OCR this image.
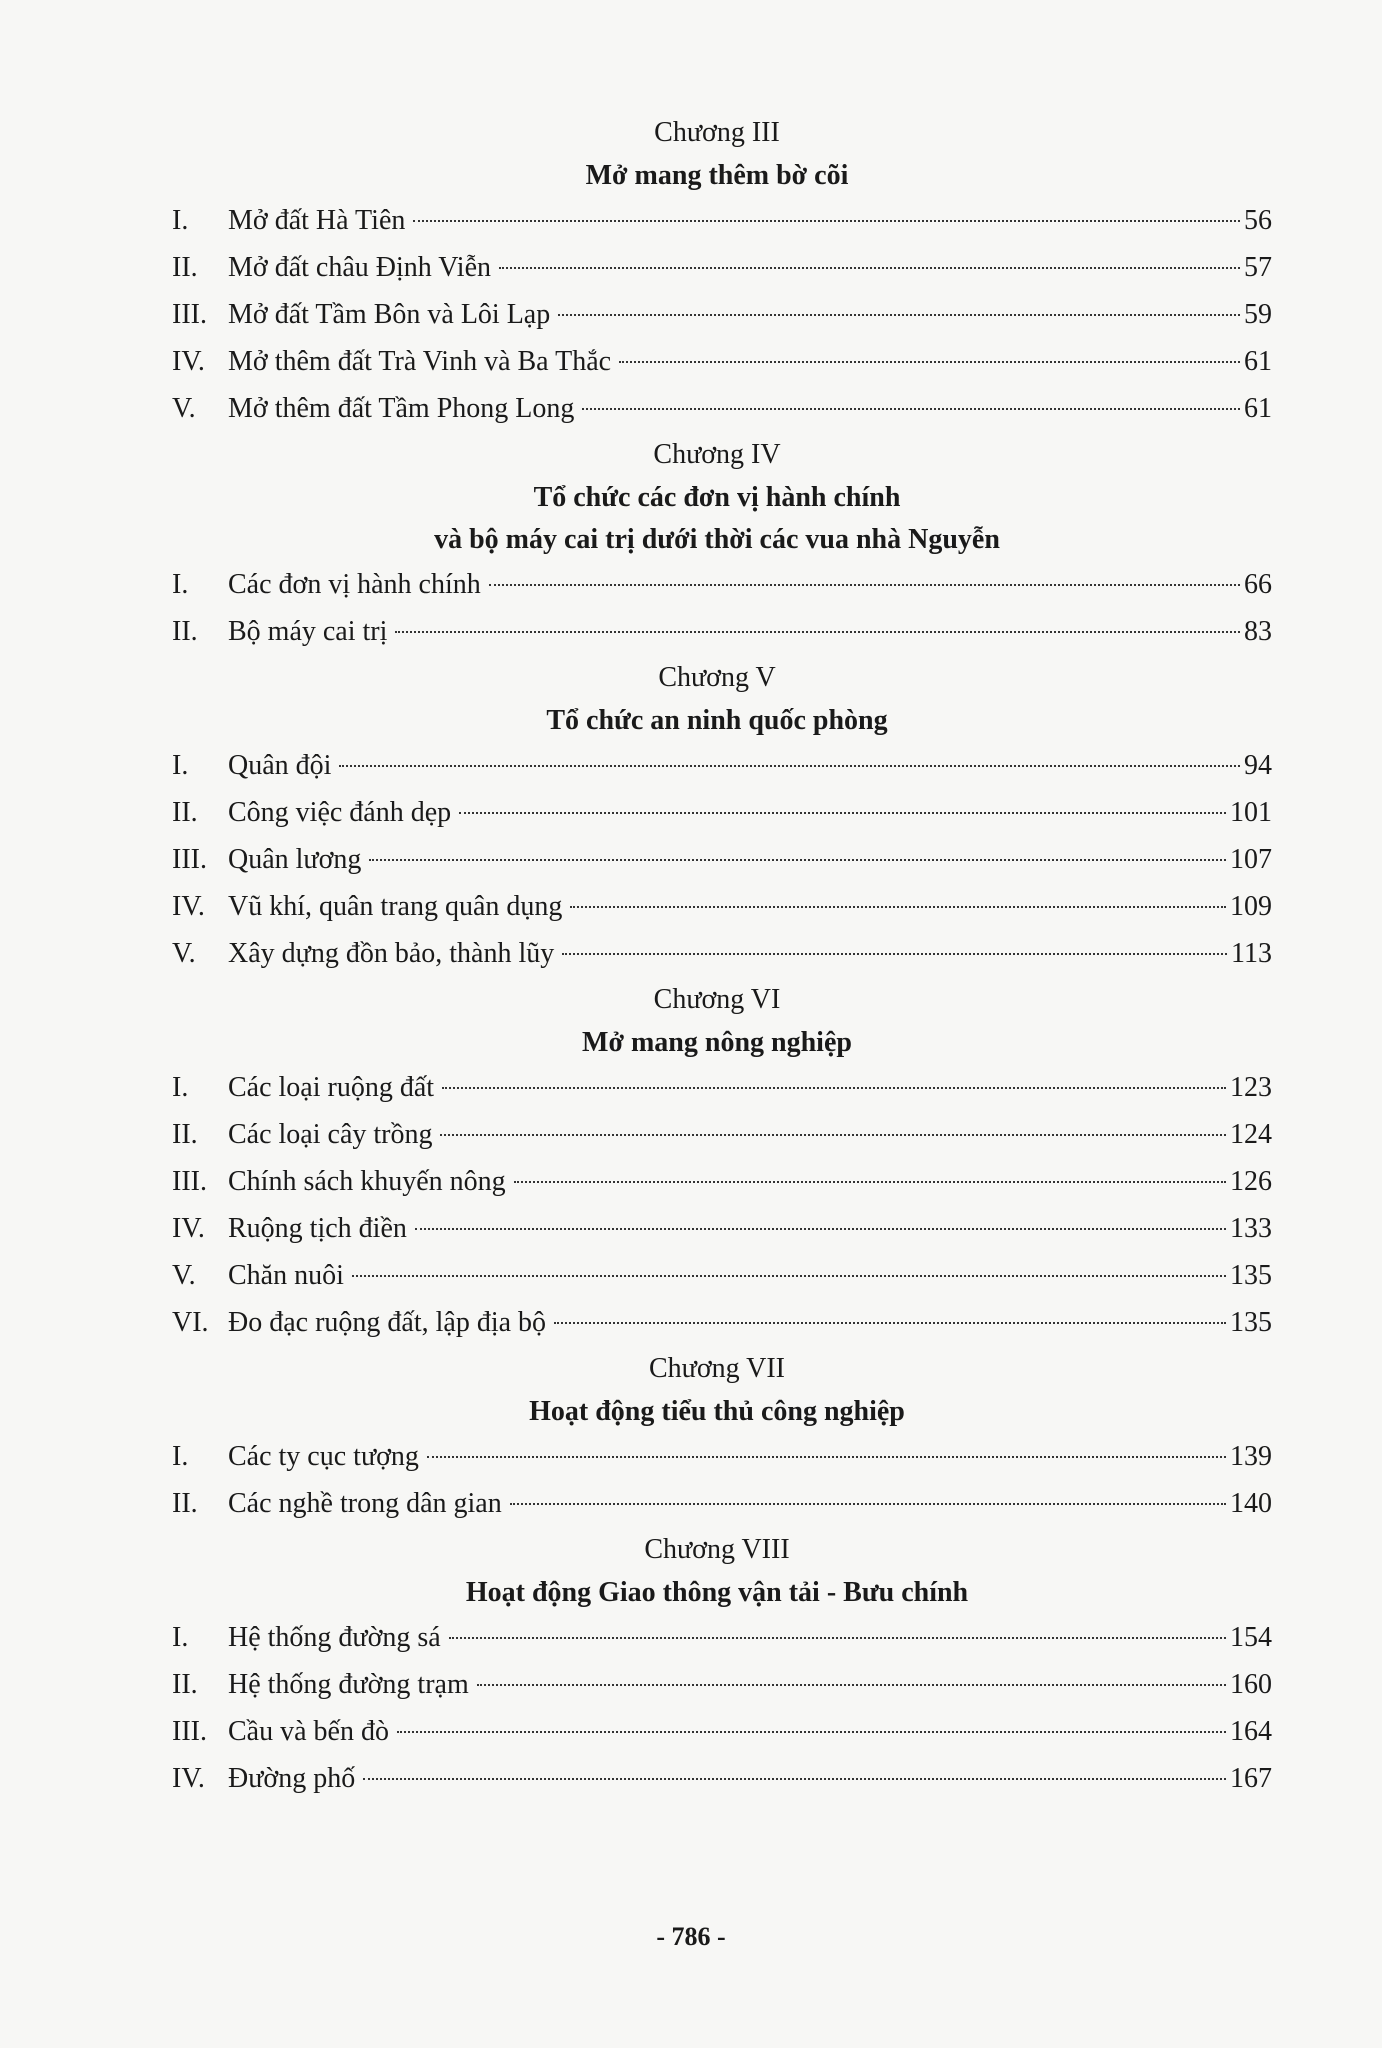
Chương III
Mở mang thêm bờ cõi
I.	Mở đất Hà Tiên	56
II.	Mở đất châu Định Viễn	57
III. Mở đất Tầm Bôn và Lôi Lạp	59
IV. Mở thêm đất Trà Vinh và Ba Thắc	61
V.	Mở thêm đất Tầm Phong Long	61
Chương IV
Tổ chức các đơn vị hành chính
và bộ máy cai trị dưới thời các vua nhà Nguyễn
I.	Các đơn vị hành chính	66
II.	Bộ máy cai trị	83
Chương V
Tổ chức an ninh quốc phòng
I.	Quân đội	94
II.	Công việc đánh dẹp	101
III. Quân lương	107
IV. Vũ khí, quân trang quân dụng	109
V.	Xây dựng đồn bảo, thành lũy	113
Chương VI
Mở mang nông nghiệp
I.	Các loại ruộng đất	123
II.	Các loại cây trồng	124
III. Chính sách khuyến nông	126
IV. Ruộng tịch điền	133
V.	Chăn nuôi	135
VI. Đo đạc ruộng đất, lập địa bộ	135
Chương VII
Hoạt động tiểu thủ công nghiệp
I.	Các ty cục tượng	139
II.	Các nghề trong dân gian	140
Chương VIII
Hoạt động Giao thông vận tải - Bưu chính
I.	Hệ thống đường sá	154
II.	Hệ thống đường trạm	160
III. Cầu và bến đò	164
IV. Đường phố	167
- 786 -
